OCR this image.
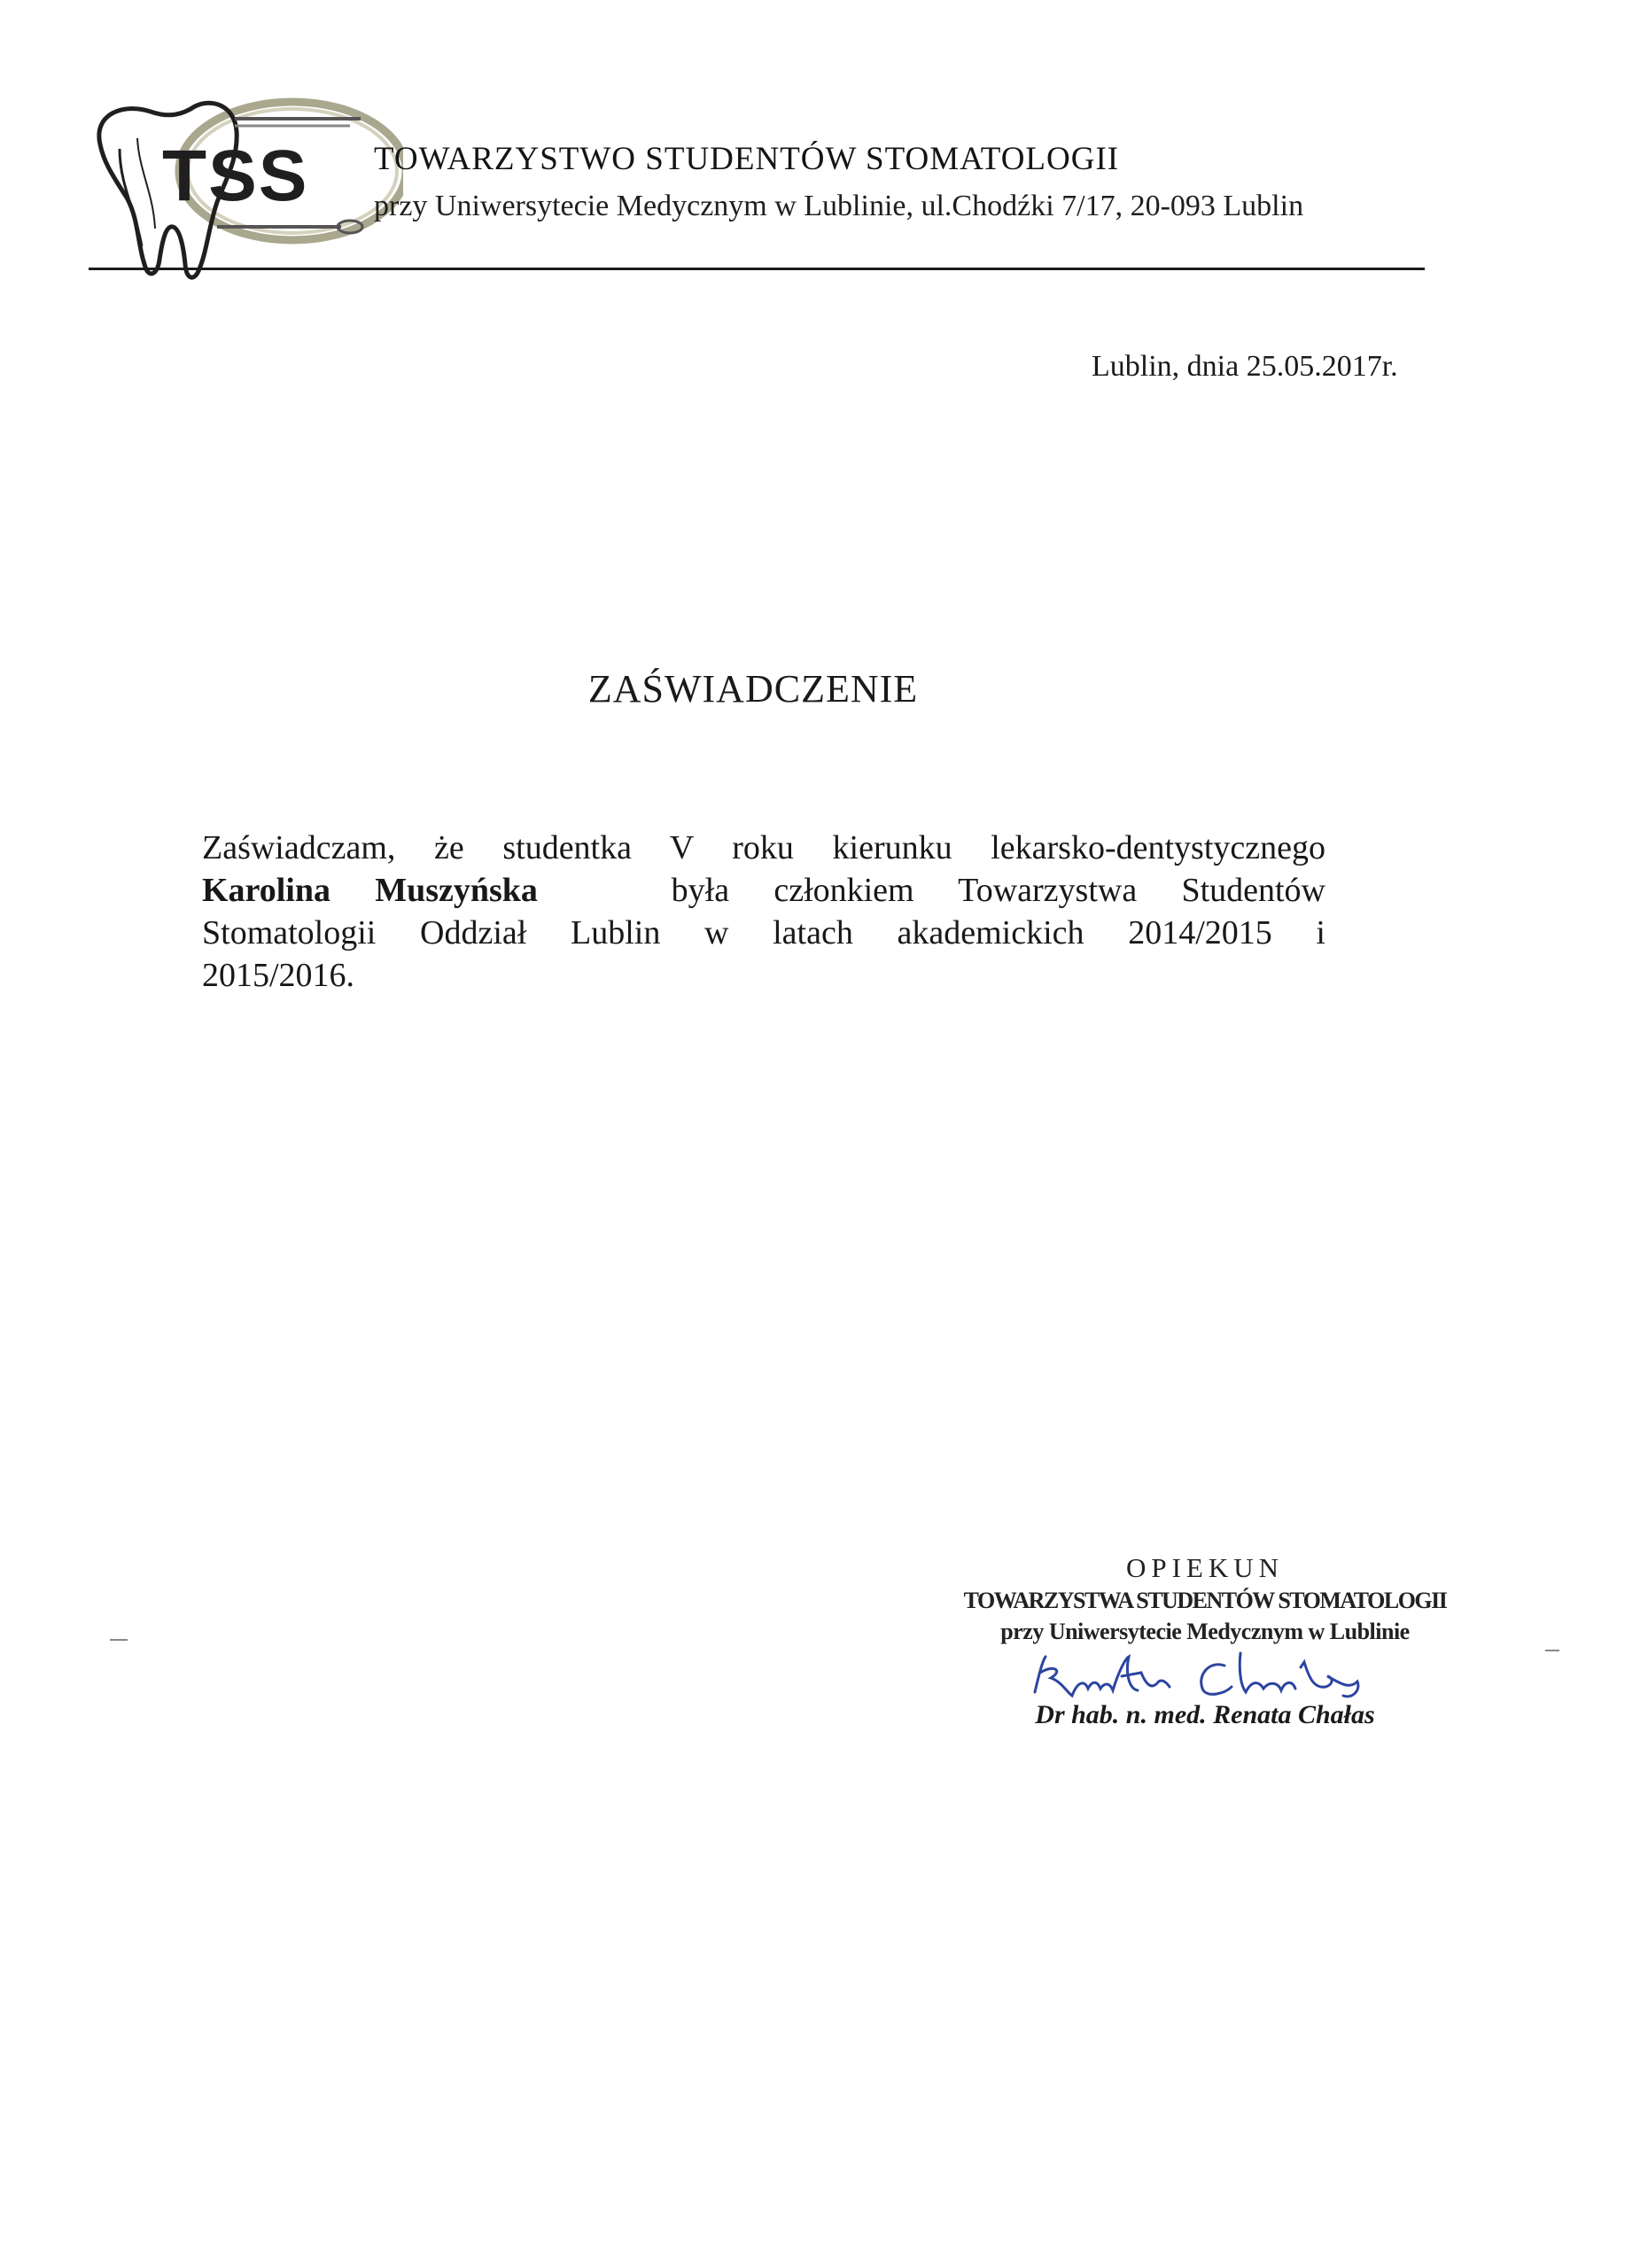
TSS TOWARZYSTWO STUDENTÓW STOMATOLOGII
przy Uniwersytecie Medycznym w Lublinie, ul.Chodźki 7/17, 20-093 Lublin
Lublin, dnia 25.05.2017r.
ZAŚWIADCZENIE
Zaświadczam, że studentka V roku kierunku lekarsko-dentystycznego
Karolina Muszyńska	była członkiem Towarzystwa Studentów
Stomatologii Oddział Lublin w latach akademickich 2014/2015 i
2015/2016.
OPIEKUN
TOWARZYSTWA STUDENTÓW STOMATOLOGII
przy Uniwersytecie Medycznym w Lublinie
Dr hab. n. med. Renata Chałas
